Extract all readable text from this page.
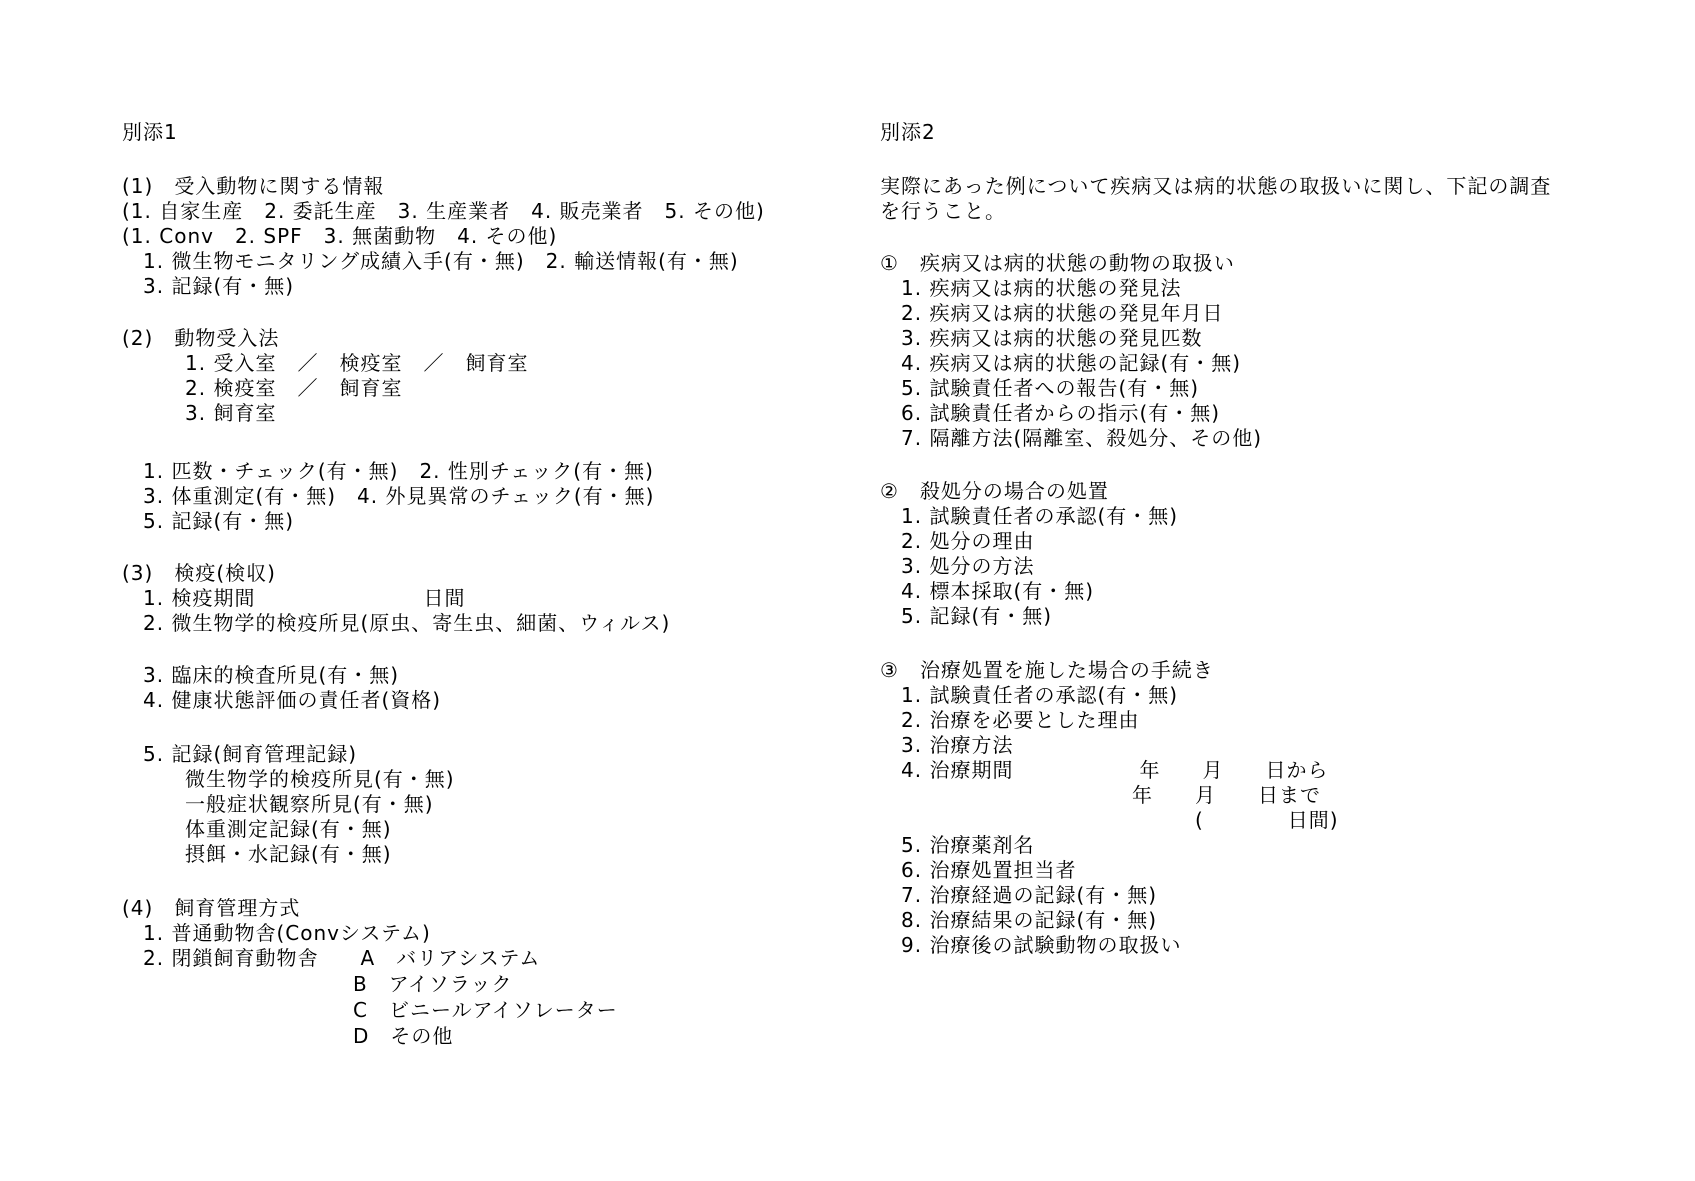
別添1
(1)　受入動物に関する情報
(1. 自家生産　2. 委託生産　3. 生産業者　4. 販売業者　5. その他)
(1. Conv　2. SPF　3. 無菌動物　4. その他)
　1. 微生物モニタリング成績入手(有・無)　2. 輸送情報(有・無)
　3. 記録(有・無)
(2)　動物受入法
　　　1. 受入室　／　検疫室　／　飼育室
　　　2. 検疫室　／　飼育室
　　　3. 飼育室
　1. 匹数・チェック(有・無)　2. 性別チェック(有・無)
　3. 体重測定(有・無)　4. 外見異常のチェック(有・無)
　5. 記録(有・無)
(3)　検疫(検収)
　1. 検疫期間　　　　　　　　日間
　2. 微生物学的検疫所見(原虫、寄生虫、細菌、ウィルス)
　3. 臨床的検査所見(有・無)
　4. 健康状態評価の責任者(資格)
　5. 記録(飼育管理記録)
　　　微生物学的検疫所見(有・無)
　　　一般症状観察所見(有・無)
　　　体重測定記録(有・無)
　　　摂餌・水記録(有・無)
(4)　飼育管理方式
　1. 普通動物舎(Convシステム)
　2. 閉鎖飼育動物舎　　A　バリアシステム
　　　　　　　　　　　B　アイソラック
　　　　　　　　　　　C　ビニールアイソレーター
　　　　　　　　　　　D　その他
別添2
実際にあった例について疾病又は病的状態の取扱いに関し、下記の調査
を行うこと。
①　疾病又は病的状態の動物の取扱い
　1. 疾病又は病的状態の発見法
　2. 疾病又は病的状態の発見年月日
　3. 疾病又は病的状態の発見匹数
　4. 疾病又は病的状態の記録(有・無)
　5. 試験責任者への報告(有・無)
　6. 試験責任者からの指示(有・無)
　7. 隔離方法(隔離室、殺処分、その他)
②　殺処分の場合の処置
　1. 試験責任者の承認(有・無)
　2. 処分の理由
　3. 処分の方法
　4. 標本採取(有・無)
　5. 記録(有・無)
③　治療処置を施した場合の手続き
　1. 試験責任者の承認(有・無)
　2. 治療を必要とした理由
　3. 治療方法
　4. 治療期間　　　　　　年　　月　　日から
　　　　　　　　　　　　年　　月　　日まで
　　　　　　　　　　　　　　　(　　　　日間)
　5. 治療薬剤名
　6. 治療処置担当者
　7. 治療経過の記録(有・無)
　8. 治療結果の記録(有・無)
　9. 治療後の試験動物の取扱い
